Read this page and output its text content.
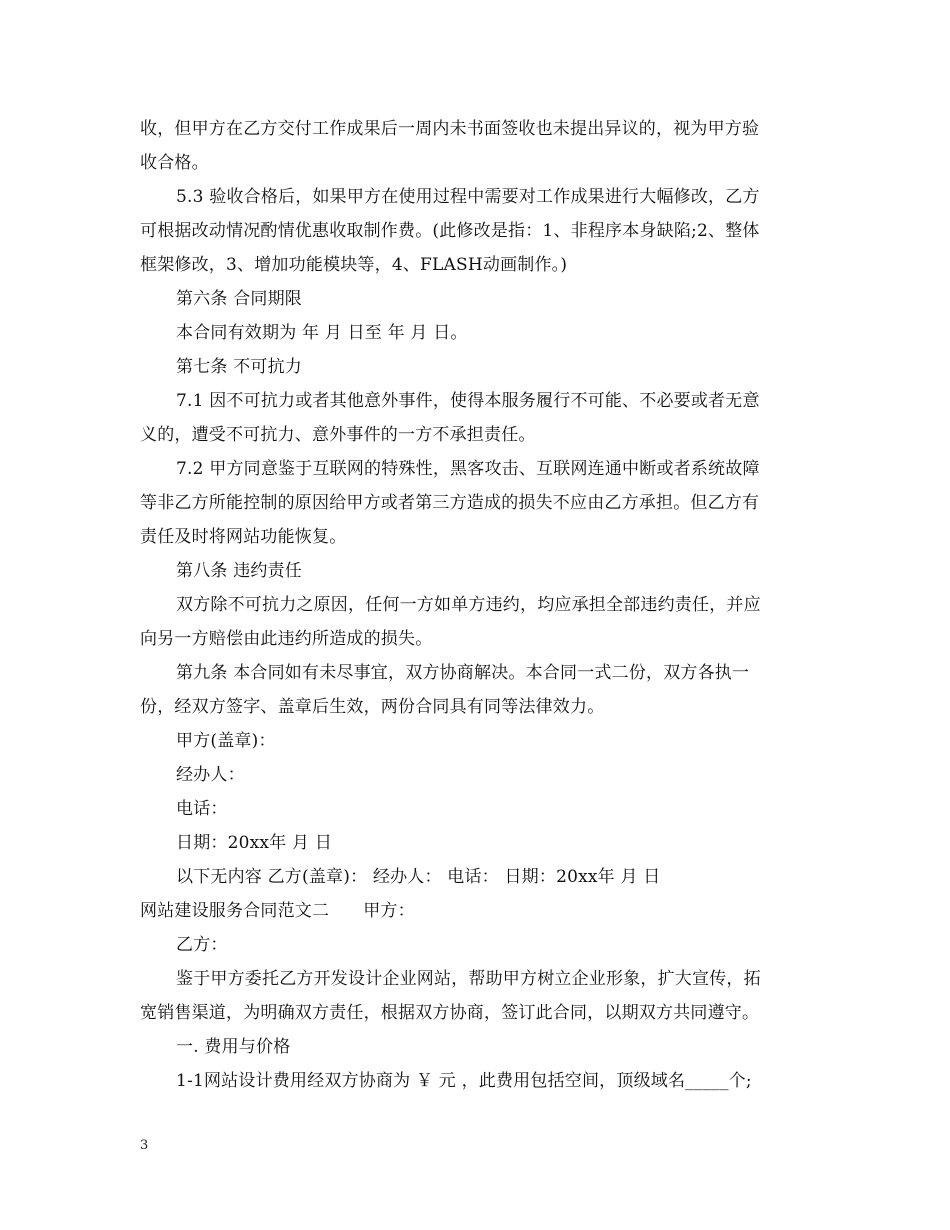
收，但甲方在乙方交付工作成果后一周内未书面签收也未提出异议的，视为甲方验
收合格。
5.3 验收合格后，如果甲方在使用过程中需要对工作成果进行大幅修改，乙方
可根据改动情况酌情优惠收取制作费。(此修改是指：1、非程序本身缺陷;2、整体
框架修改，3、增加功能模块等，4、FLASH动画制作。)
第六条 合同期限
本合同有效期为 年 月 日至 年 月 日。
第七条 不可抗力
7.1 因不可抗力或者其他意外事件，使得本服务履行不可能、不必要或者无意
义的，遭受不可抗力、意外事件的一方不承担责任。
7.2 甲方同意鉴于互联网的特殊性，黑客攻击、互联网连通中断或者系统故障
等非乙方所能控制的原因给甲方或者第三方造成的损失不应由乙方承担。但乙方有
责任及时将网站功能恢复。
第八条 违约责任
双方除不可抗力之原因，任何一方如单方违约，均应承担全部违约责任，并应
向另一方赔偿由此违约所造成的损失。
第九条 本合同如有未尽事宜，双方协商解决。本合同一式二份，双方各执一
份，经双方签字、盖章后生效，两份合同具有同等法律效力。
甲方(盖章)：
经办人：
电话：
日期：20xx年 月 日
以下无内容 乙方(盖章)： 经办人： 电话： 日期：20xx年 月 日
网站建设服务合同范文二 甲方：
乙方：
鉴于甲方委托乙方开发设计企业网站，帮助甲方树立企业形象，扩大宣传，拓
宽销售渠道，为明确双方责任，根据双方协商，签订此合同，以期双方共同遵守。
一. 费用与价格
1-1网站设计费用经双方协商为 ￥ 元 ，此费用包括空间，顶级域名_____个;
3
